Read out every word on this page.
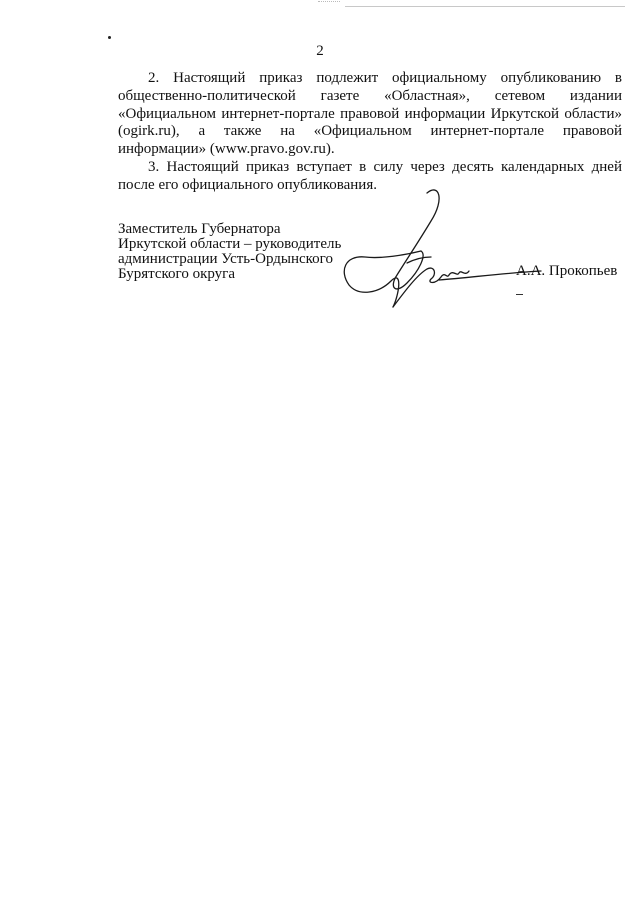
2

2. Настоящий приказ подлежит официальному опубликованию в общественно-политической газете «Областная», сетевом издании «Официальном интернет-портале правовой информации Иркутской области» (ogirk.ru), а также на «Официальном интернет-портале правовой информации» (www.pravo.gov.ru).

3. Настоящий приказ вступает в силу через десять календарных дней после его официального опубликования.

Заместитель Губернатора
Иркутской области – руководитель
администрации Усть-Ордынского
Бурятского округа	А.А. Прокопьев
